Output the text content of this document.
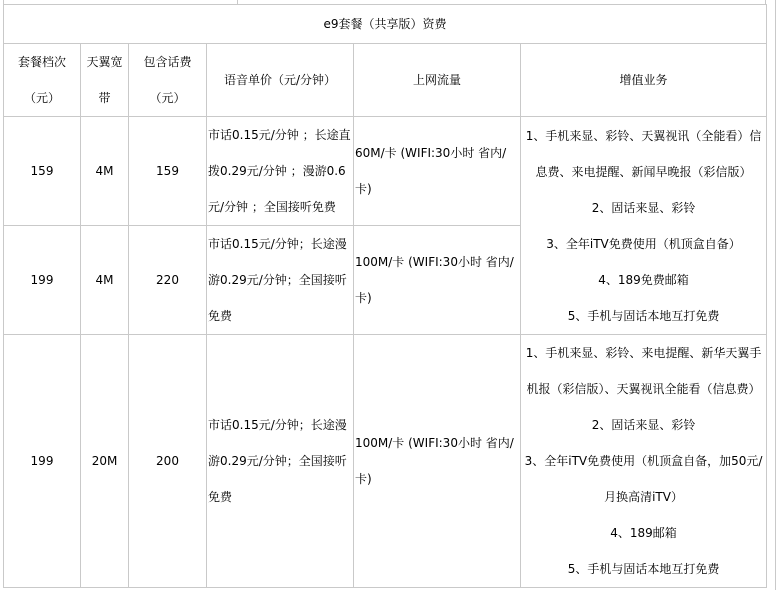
e9套餐（共享版）资费					
套餐档次（元）	天翼宽带	包含话费（元）	语音单价（元/分钟）	上网流量	增值业务
159	4M	159	市话0.15元/分钟 ；长途直拨0.29元/分钟 ；漫游0.6 元/分钟 ；全国接听免费	60M/卡 (WIFI:30小时 省内/卡)	1、手机来显、彩铃、天翼视讯（全能看）信息费、来电提醒、新闻早晚报（彩信版）
2、固话来显、彩铃
3、全年iTV免费使用（机顶盒自备）
4、189免费邮箱
5、手机与固话本地互打免费

199	4M	220	市话0.15元/分钟；长途漫游0.29元/分钟；全国接听免费	100M/卡 (WIFI:30小时 省内/卡)	
199	20M	200	市话0.15元/分钟；长途漫游0.29元/分钟；全国接听免费	100M/卡 (WIFI:30小时 省内/卡)	1、手机来显、彩铃、来电提醒、新华天翼手机报（彩信版）、天翼视讯全能看（信息费）
2、固话来显、彩铃
3、全年iTV免费使用（机顶盒自备，加50元/月换高清iTV）
4、189邮箱
5、手机与固话本地互打免费
